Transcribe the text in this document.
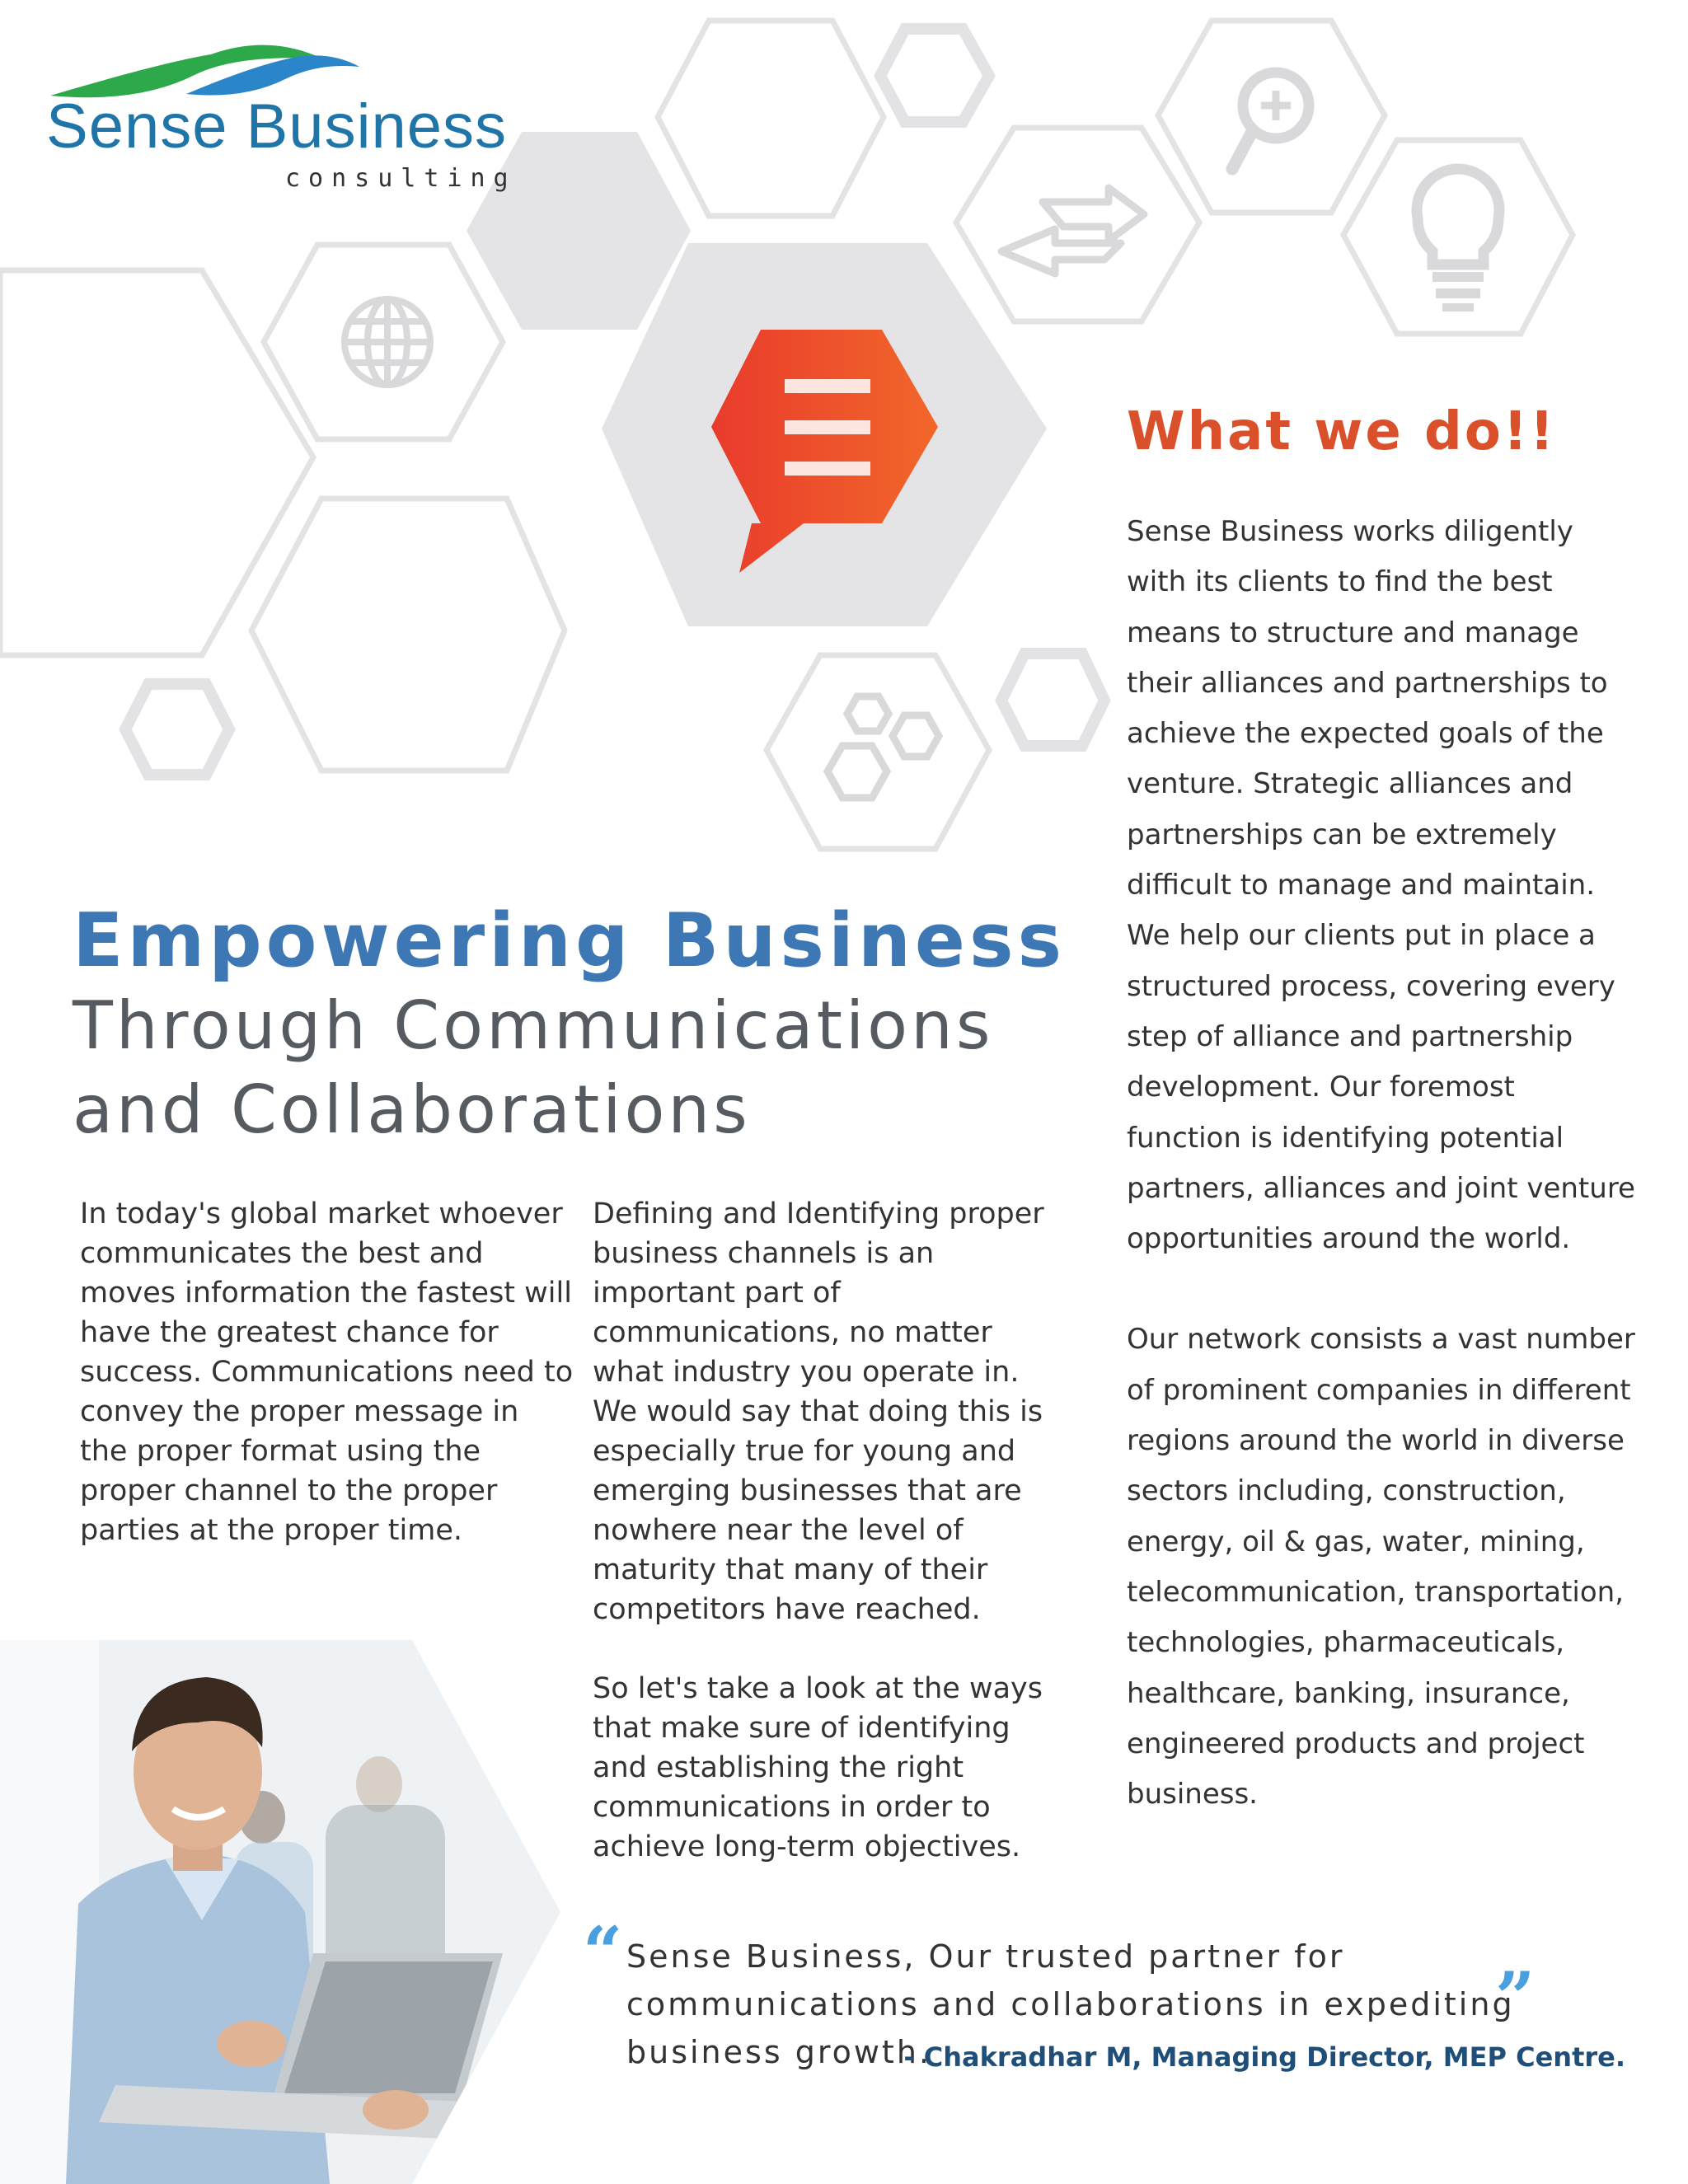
Sense Business
consulting
Empowering Business
Through Communications
and Collaborations

In today's global market whoever communicates the best and moves information the fastest will have the greatest chance for success. Communications need to convey the proper message in the proper format using the proper channel to the proper parties at the proper time.

Defining and Identifying proper business channels is an important part of communications, no matter what industry you operate in. We would say that doing this is especially true for young and emerging businesses that are nowhere near the level of maturity that many of their competitors have reached.

So let's take a look at the ways that make sure of identifying and establishing the right communications in order to achieve long-term objectives.

What we do!!

Sense Business works diligently with its clients to find the best means to structure and manage their alliances and partnerships to achieve the expected goals of the venture. Strategic alliances and partnerships can be extremely difficult to manage and maintain. We help our clients put in place a structured process, covering every step of alliance and partnership development. Our foremost function is identifying potential partners, alliances and joint venture opportunities around the world.

Our network consists a vast number of prominent companies in different regions around the world in diverse sectors including, construction, energy, oil & gas, water, mining, telecommunication, transportation, technologies, pharmaceuticals, healthcare, banking, insurance, engineered products and project business.

“ Sense Business, Our trusted partner for communications and collaborations in expediting business growth.
”
- Chakradhar M, Managing Director, MEP Centre.
